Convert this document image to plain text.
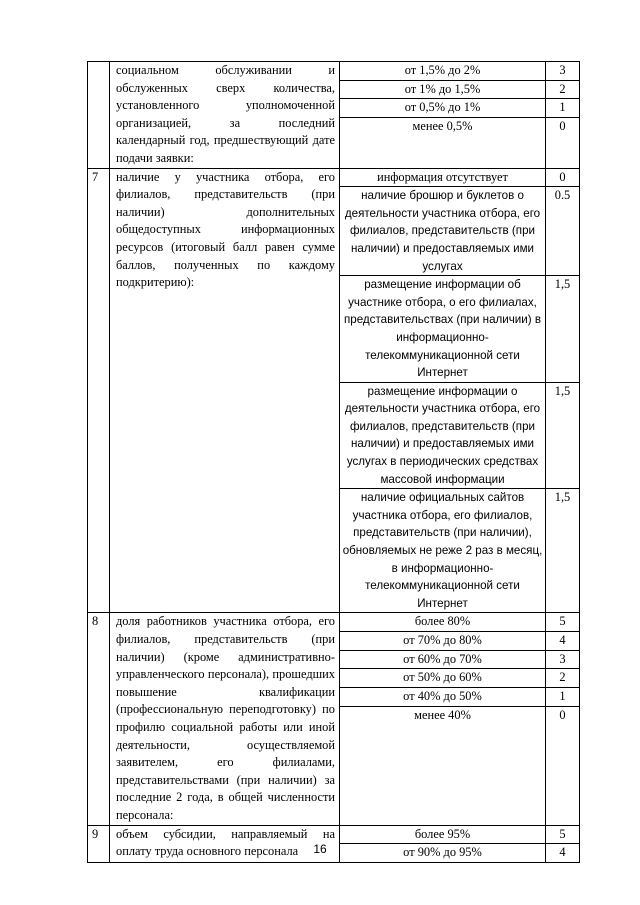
	социальном обслуживании и обслуженных сверх количества, установленного уполномоченной организацией, за последний календарный год, предшествующий дате подачи заявки:	от 1,5% до 2%	3
		от 1% до 1,5%	2
		от 0,5% до 1%	1
		менее 0,5%	0
7	наличие у участника отбора, его филиалов, представительств (при наличии) дополнительных общедоступных информационных ресурсов (итоговый балл равен сумме баллов, полученных по каждому подкритерию):	информация отсутствует	0
		наличие брошюр и буклетов о деятельности участника отбора, его филиалов, представительств (при наличии) и предоставляемых ими услугах	0.5
		размещение информации об участнике отбора, о его филиалах, представительствах (при наличии) в информационно-телекоммуникационной сети Интернет	1,5
		размещение информации о деятельности участника отбора, его филиалов, представительств (при наличии) и предоставляемых ими услугах в периодических средствах массовой информации	1,5
		наличие официальных сайтов участника отбора, его филиалов, представительств (при наличии), обновляемых не реже 2 раз в месяц, в информационно-телекоммуникационной сети Интернет	1,5
8	доля работников участника отбора, его филиалов, представительств (при наличии) (кроме административно-управленческого персонала), прошедших повышение квалификации (профессиональную переподготовку) по профилю социальной работы или иной деятельности, осуществляемой заявителем, его филиалами, представительствами (при наличии) за последние 2 года, в общей численности персонала:	более 80%	5
		от 70% до 80%	4
		от 60% до 70%	3
		от 50% до 60%	2
		от 40% до 50%	1
		менее 40%	0
9	объем субсидии, направляемый на оплату труда основного персонала	более 95%	5
		от 90% до 95%	4
16
